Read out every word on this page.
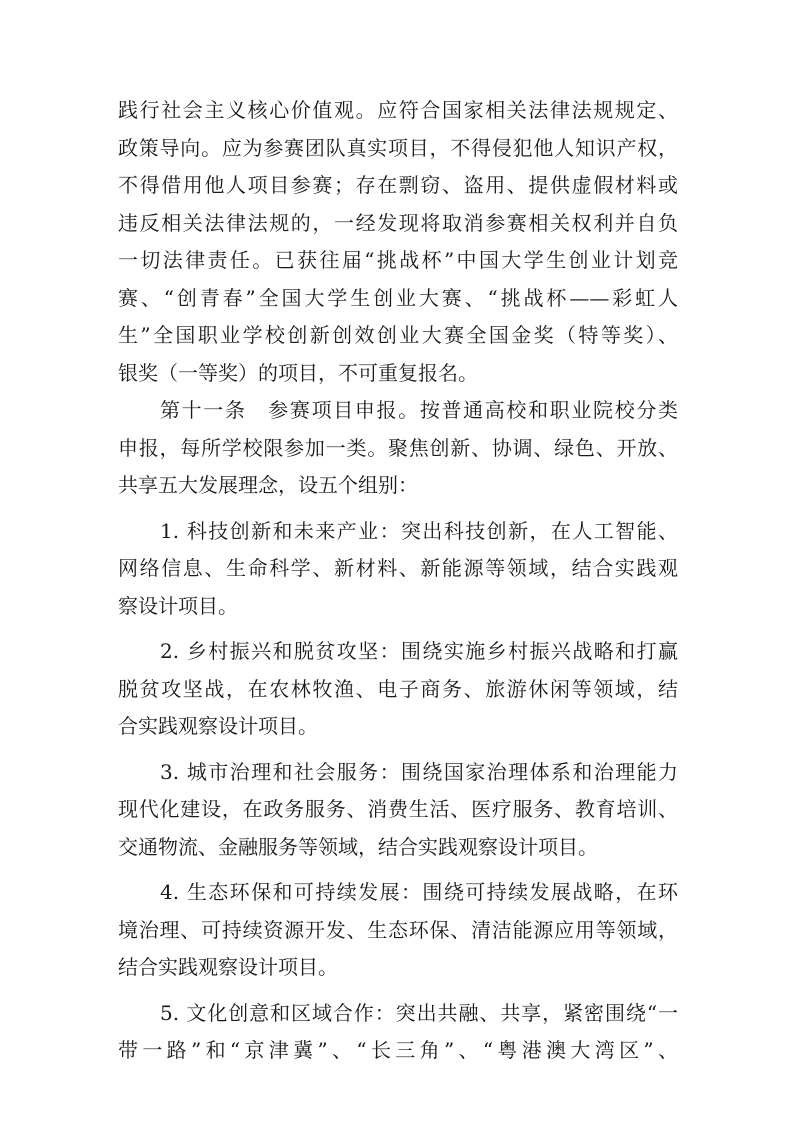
践行社会主义核心价值观。应符合国家相关法律法规规定、
政策导向。应为参赛团队真实项目，不得侵犯他人知识产权，
不得借用他人项目参赛；存在剽窃、盗用、提供虚假材料或
违反相关法律法规的，一经发现将取消参赛相关权利并自负
一切法律责任。已获往届“挑战杯”中国大学生创业计划竞
赛、“创青春”全国大学生创业大赛、“挑战杯——彩虹人
生”全国职业学校创新创效创业大赛全国金奖（特等奖）、
银奖（一等奖）的项目，不可重复报名。
第十一条　参赛项目申报。按普通高校和职业院校分类
申报，每所学校限参加一类。聚焦创新、协调、绿色、开放、
共享五大发展理念，设五个组别：
1. 科技创新和未来产业：突出科技创新，在人工智能、
网络信息、生命科学、新材料、新能源等领域，结合实践观
察设计项目。
2. 乡村振兴和脱贫攻坚：围绕实施乡村振兴战略和打赢
脱贫攻坚战，在农林牧渔、电子商务、旅游休闲等领域，结
合实践观察设计项目。
3. 城市治理和社会服务：围绕国家治理体系和治理能力
现代化建设，在政务服务、消费生活、医疗服务、教育培训、
交通物流、金融服务等领域，结合实践观察设计项目。
4. 生态环保和可持续发展：围绕可持续发展战略，在环
境治理、可持续资源开发、生态环保、清洁能源应用等领域，
结合实践观察设计项目。
5. 文化创意和区域合作：突出共融、共享，紧密围绕“一
带一路”和“京津冀”、“长三角”、“粤港澳大湾区”、
